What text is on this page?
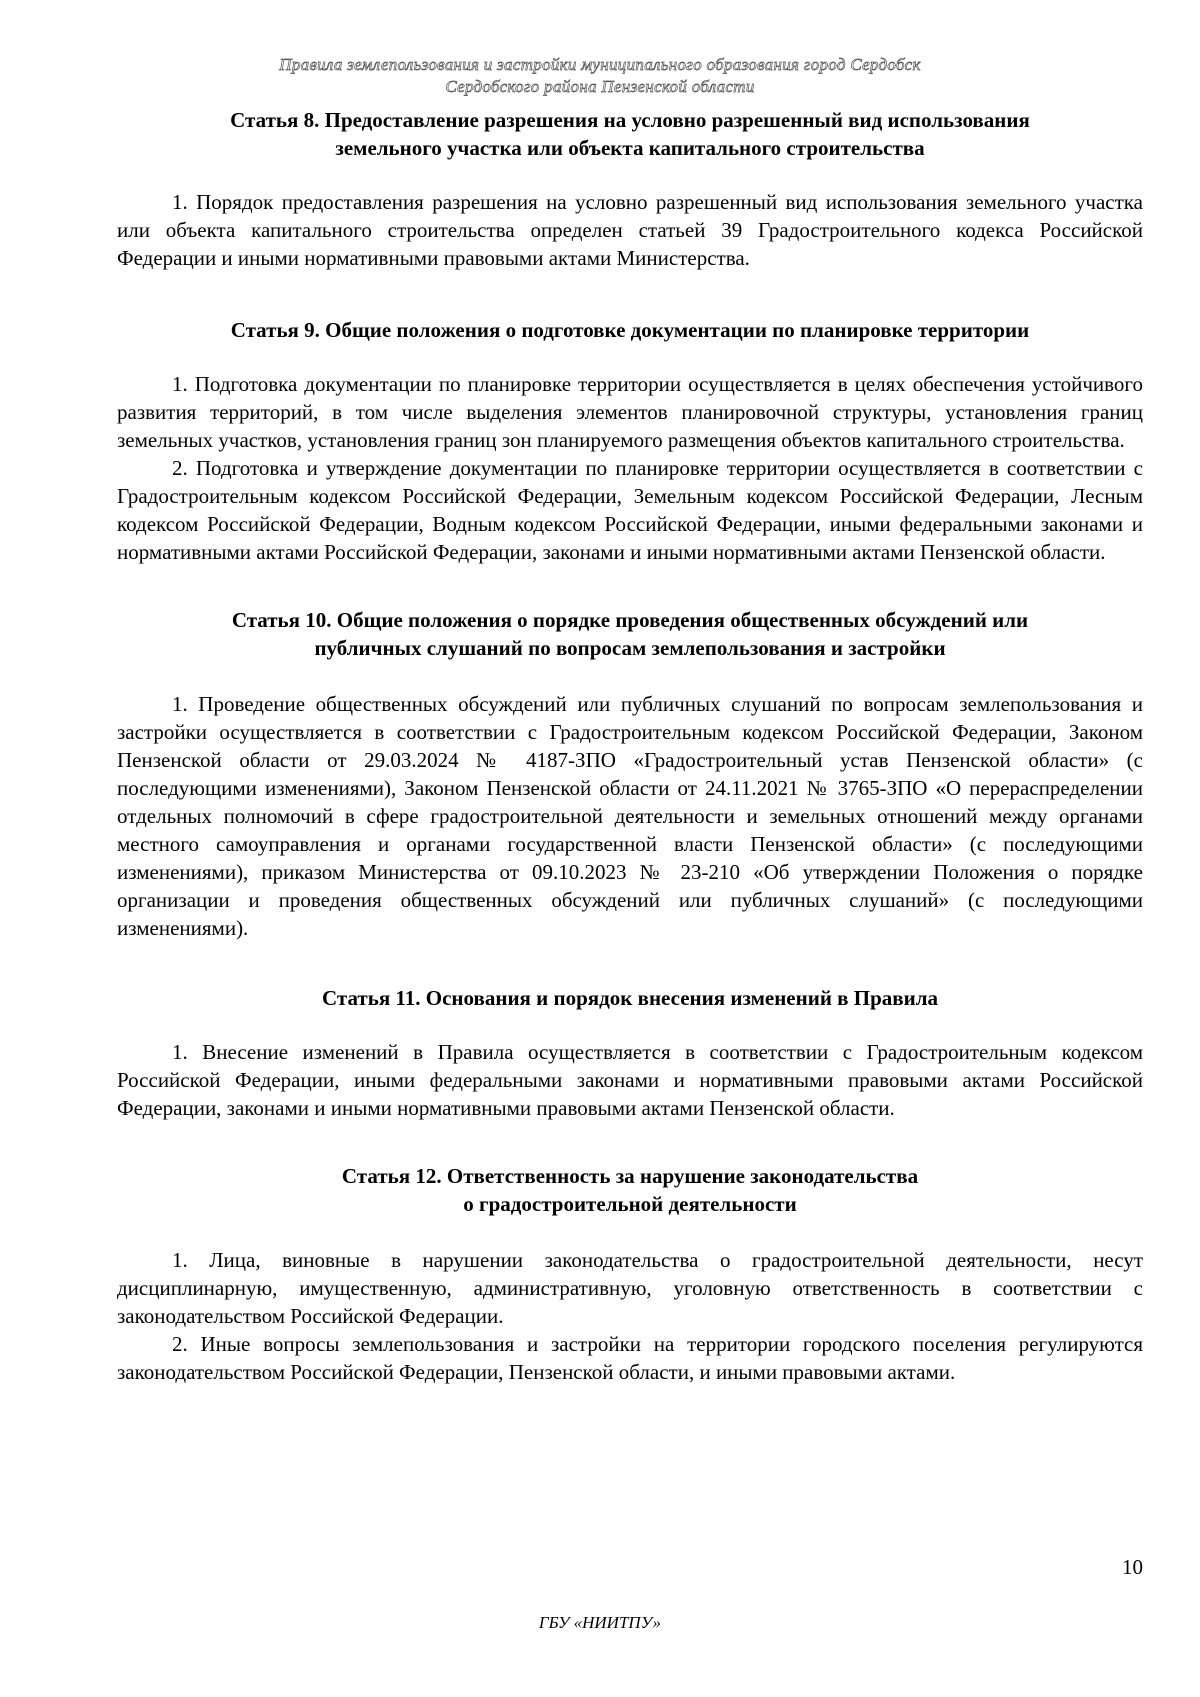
Правила землепользования и застройки муниципального образования город Сердобск
Сердобского района Пензенской области
Статья 8. Предоставление разрешения на условно разрешенный вид использования
земельного участка или объекта капитального строительства

1. Порядок предоставления разрешения на условно разрешенный вид использования земельного участка или объекта капитального строительства определен статьей 39 Градостроительного кодекса Российской Федерации и иными нормативными правовыми актами Министерства.

Статья 9. Общие положения о подготовке документации по планировке территории

1. Подготовка документации по планировке территории осуществляется в целях обеспечения устойчивого развития территорий, в том числе выделения элементов планировочной структуры, установления границ земельных участков, установления границ зон планируемого размещения объектов капитального строительства.

2. Подготовка и утверждение документации по планировке территории осуществляется в соответствии с Градостроительным кодексом Российской Федерации, Земельным кодексом Российской Федерации, Лесным кодексом Российской Федерации, Водным кодексом Российской Федерации, иными федеральными законами и нормативными актами Российской Федерации, законами и иными нормативными актами Пензенской области.

Статья 10. Общие положения о порядке проведения общественных обсуждений или
публичных слушаний по вопросам землепользования и застройки

1. Проведение общественных обсуждений или публичных слушаний по вопросам землепользования и застройки осуществляется в соответствии с Градостроительным кодексом Российской Федерации, Законом Пензенской области от 29.03.2024 № 4187-ЗПО «Градостроительный устав Пензенской области» (с последующими изменениями), Законом Пензенской области от 24.11.2021 № 3765-ЗПО «О перераспределении отдельных полномочий в сфере градостроительной деятельности и земельных отношений между органами местного самоуправления и органами государственной власти Пензенской области» (с последующими изменениями), приказом Министерства от 09.10.2023 № 23-210 «Об утверждении Положения о порядке организации и проведения общественных обсуждений или публичных слушаний» (с последующими изменениями).

Статья 11. Основания и порядок внесения изменений в Правила

1. Внесение изменений в Правила осуществляется в соответствии с Градостроительным кодексом Российской Федерации, иными федеральными законами и нормативными правовыми актами Российской Федерации, законами и иными нормативными правовыми актами Пензенской области.

Статья 12. Ответственность за нарушение законодательства
о градостроительной деятельности

1. Лица, виновные в нарушении законодательства о градостроительной деятельности, несут дисциплинарную, имущественную, административную, уголовную ответственность в соответствии с законодательством Российской Федерации.

2. Иные вопросы землепользования и застройки на территории городского поселения регулируются законодательством Российской Федерации, Пензенской области, и иными правовыми актами.

10
ГБУ «НИИТПУ»
